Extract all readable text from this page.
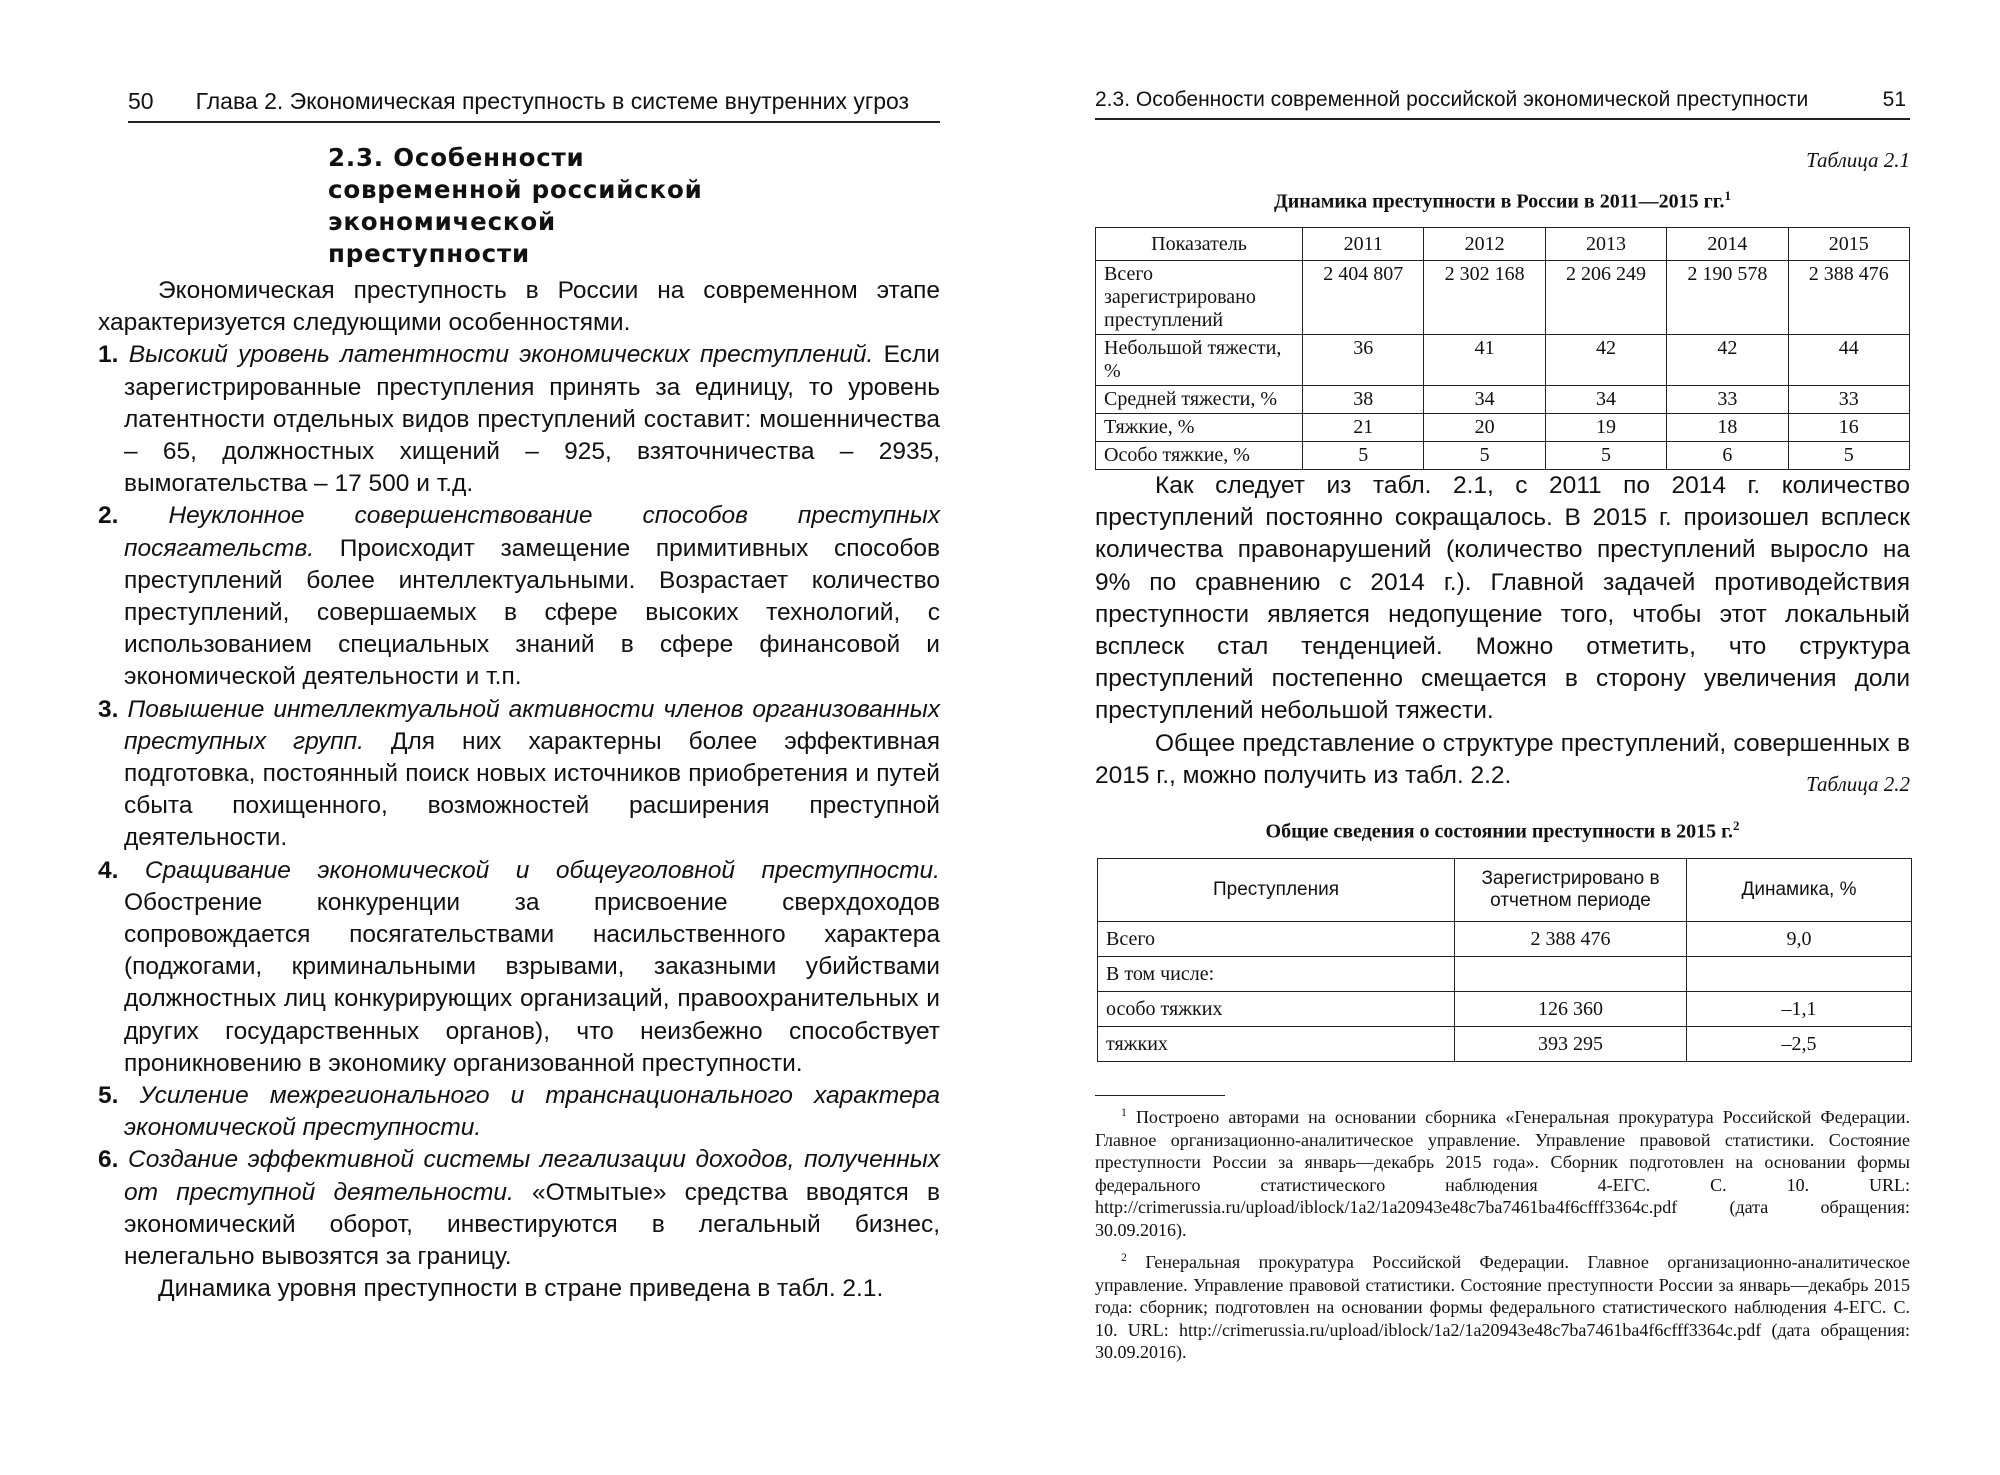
50 Глава 2. Экономическая преступность в системе внутренних угроз
2.3. Особенности современной российской экономической преступности

Экономическая преступность в России на современном этапе характеризуется следующими особенностями.

1. Высокий уровень латентности экономических преступлений. Если зарегистрированные преступления принять за единицу, то уровень латентности отдельных видов преступлений составит: мошенничества – 65, должностных хищений – 925, взяточничества – 2935, вымогательства – 17 500 и т.д.

2. Неуклонное совершенствование способов преступных посягательств. Происходит замещение примитивных способов преступлений более интеллектуальными. Возрастает количество преступлений, совершаемых в сфере высоких технологий, с использованием специальных знаний в сфере финансовой и экономической деятельности и т.п.

3. Повышение интеллектуальной активности членов организованных преступных групп. Для них характерны более эффективная подготовка, постоянный поиск новых источников приобретения и путей сбыта похищенного, возможностей расширения преступной деятельности.

4. Сращивание экономической и общеуголовной преступности. Обострение конкуренции за присвоение сверхдоходов сопровождается посягательствами насильственного характера (поджогами, криминальными взрывами, заказными убийствами должностных лиц конкурирующих организаций, правоохранительных и других государственных органов), что неизбежно способствует проникновению в экономику организованной преступности.

5. Усиление межрегионального и транснационального характера экономической преступности.

6. Создание эффективной системы легализации доходов, полученных от преступной деятельности. «Отмытые» средства вводятся в экономический оборот, инвестируются в легальный бизнес, нелегально вывозятся за границу.

Динамика уровня преступности в стране приведена в табл. 2.1.

2.3. Особенности современной российской экономической преступности	51
Таблица 2.1
Динамика преступности в России в 2011—2015 гг.$^1$
Показатель	2011	2012	2013	2014	2015
Всего зарегистрировано преступлений	2 404 807	2 302 168	2 206 249	2 190 578	2 388 476
Небольшой тяжести, %	36	41	42	42	44
Средней тяжести, %	38	34	34	33	33
Тяжкие, %	21	20	19	18	16
Особо тяжкие, %	5	5	5	6	5

Как следует из табл. 2.1, с 2011 по 2014 г. количество преступлений постоянно сокращалось. В 2015 г. произошел всплеск количества правонарушений (количество преступлений выросло на 9% по сравнению с 2014 г.). Главной задачей противодействия преступности является недопущение того, чтобы этот локальный всплеск стал тенденцией. Можно отметить, что структура преступлений постепенно смещается в сторону увеличения доли преступлений небольшой тяжести.

Общее представление о структуре преступлений, совершенных в 2015 г., можно получить из табл. 2.2.	Таблица 2.2
Общие сведения о состоянии преступности в 2015 г.$^2$
Преступления	Зарегистрировано в отчетном периоде	Динамика, %
Всего	2 388 476	9,0
В том числе:		
особо тяжких	126 360	–1,1
тяжких	393 295	–2,5

$^1$ Построено авторами на основании сборника «Генеральная прокуратура Российской Федерации. Главное организационно-аналитическое управление. Управление правовой статистики. Состояние преступности России за январь—декабрь 2015 года». Сборник подготовлен на основании формы федерального статистического наблюдения 4-ЕГС. С. 10. URL: http://crimerussia.ru/upload/iblock/1a2/1a20943e48c7ba7461ba4f6cfff3364c.pdf (дата обращения: 30.09.2016).

$^2$ Генеральная прокуратура Российской Федерации. Главное организационно-аналитическое управление. Управление правовой статистики. Состояние преступности России за январь—декабрь 2015 года: сборник; подготовлен на основании формы федерального статистического наблюдения 4-ЕГС. С. 10. URL: http://crimerussia.ru/upload/iblock/1a2/1a20943e48c7ba7461ba4f6cfff3364c.pdf (дата обращения: 30.09.2016).
